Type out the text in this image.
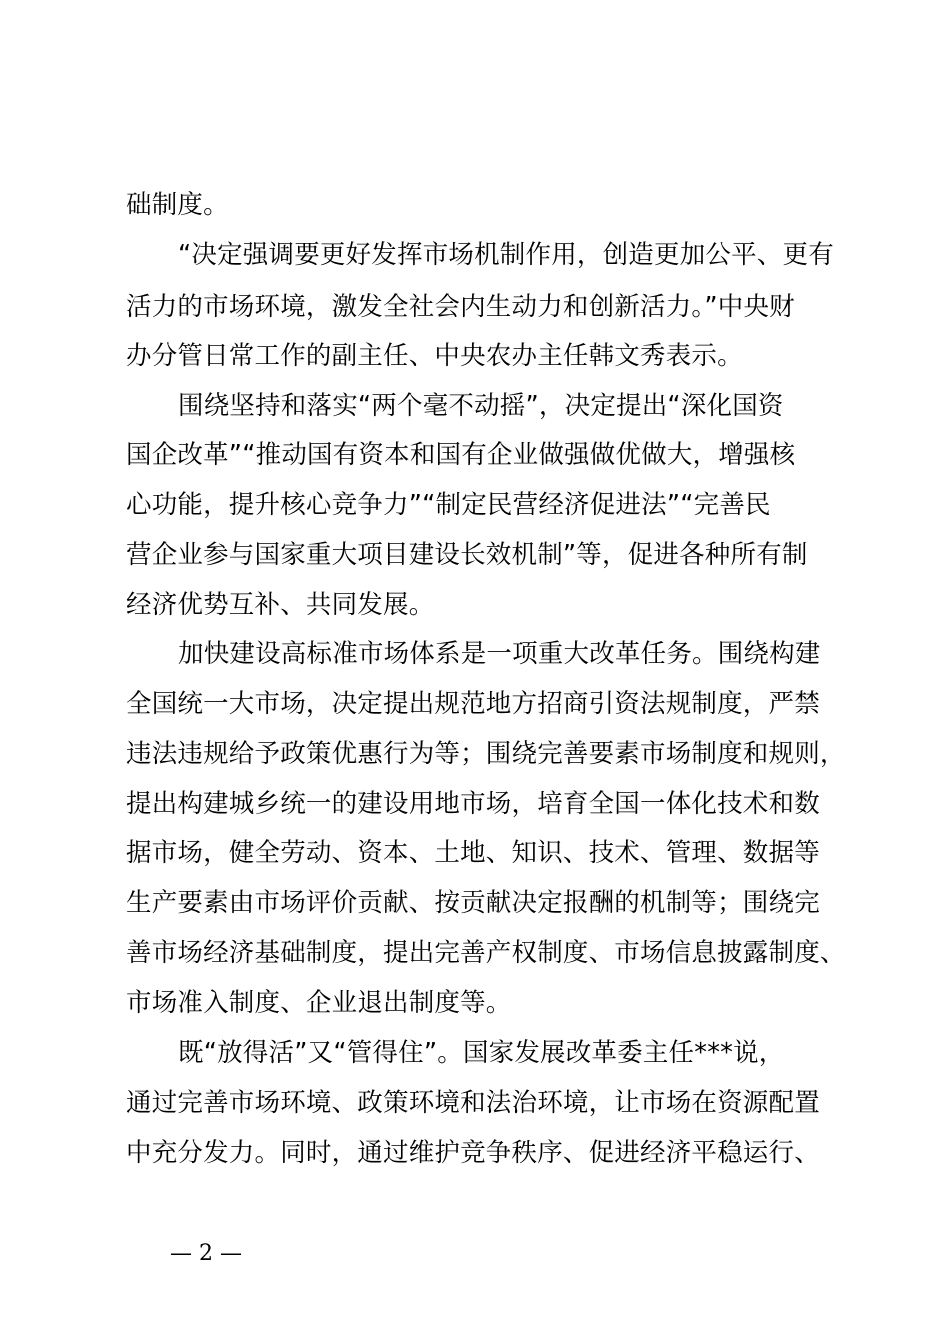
础制度。
“决定强调要更好发挥市场机制作用，创造更加公平、更有
活力的市场环境，激发全社会内生动力和创新活力。”中央财
办分管日常工作的副主任、中央农办主任韩文秀表示。
围绕坚持和落实“两个毫不动摇”，决定提出“深化国资
国企改革”“推动国有资本和国有企业做强做优做大，增强核
心功能，提升核心竞争力”“制定民营经济促进法”“完善民
营企业参与国家重大项目建设长效机制”等，促进各种所有制
经济优势互补、共同发展。
加快建设高标准市场体系是一项重大改革任务。围绕构建
全国统一大市场，决定提出规范地方招商引资法规制度，严禁
违法违规给予政策优惠行为等；围绕完善要素市场制度和规则，
提出构建城乡统一的建设用地市场，培育全国一体化技术和数
据市场，健全劳动、资本、土地、知识、技术、管理、数据等
生产要素由市场评价贡献、按贡献决定报酬的机制等；围绕完
善市场经济基础制度，提出完善产权制度、市场信息披露制度、
市场准入制度、企业退出制度等。
既“放得活”又“管得住”。国家发展改革委主任***说，
通过完善市场环境、政策环境和法治环境，让市场在资源配置
中充分发力。同时，通过维护竞争秩序、促进经济平稳运行、
— 2 —
